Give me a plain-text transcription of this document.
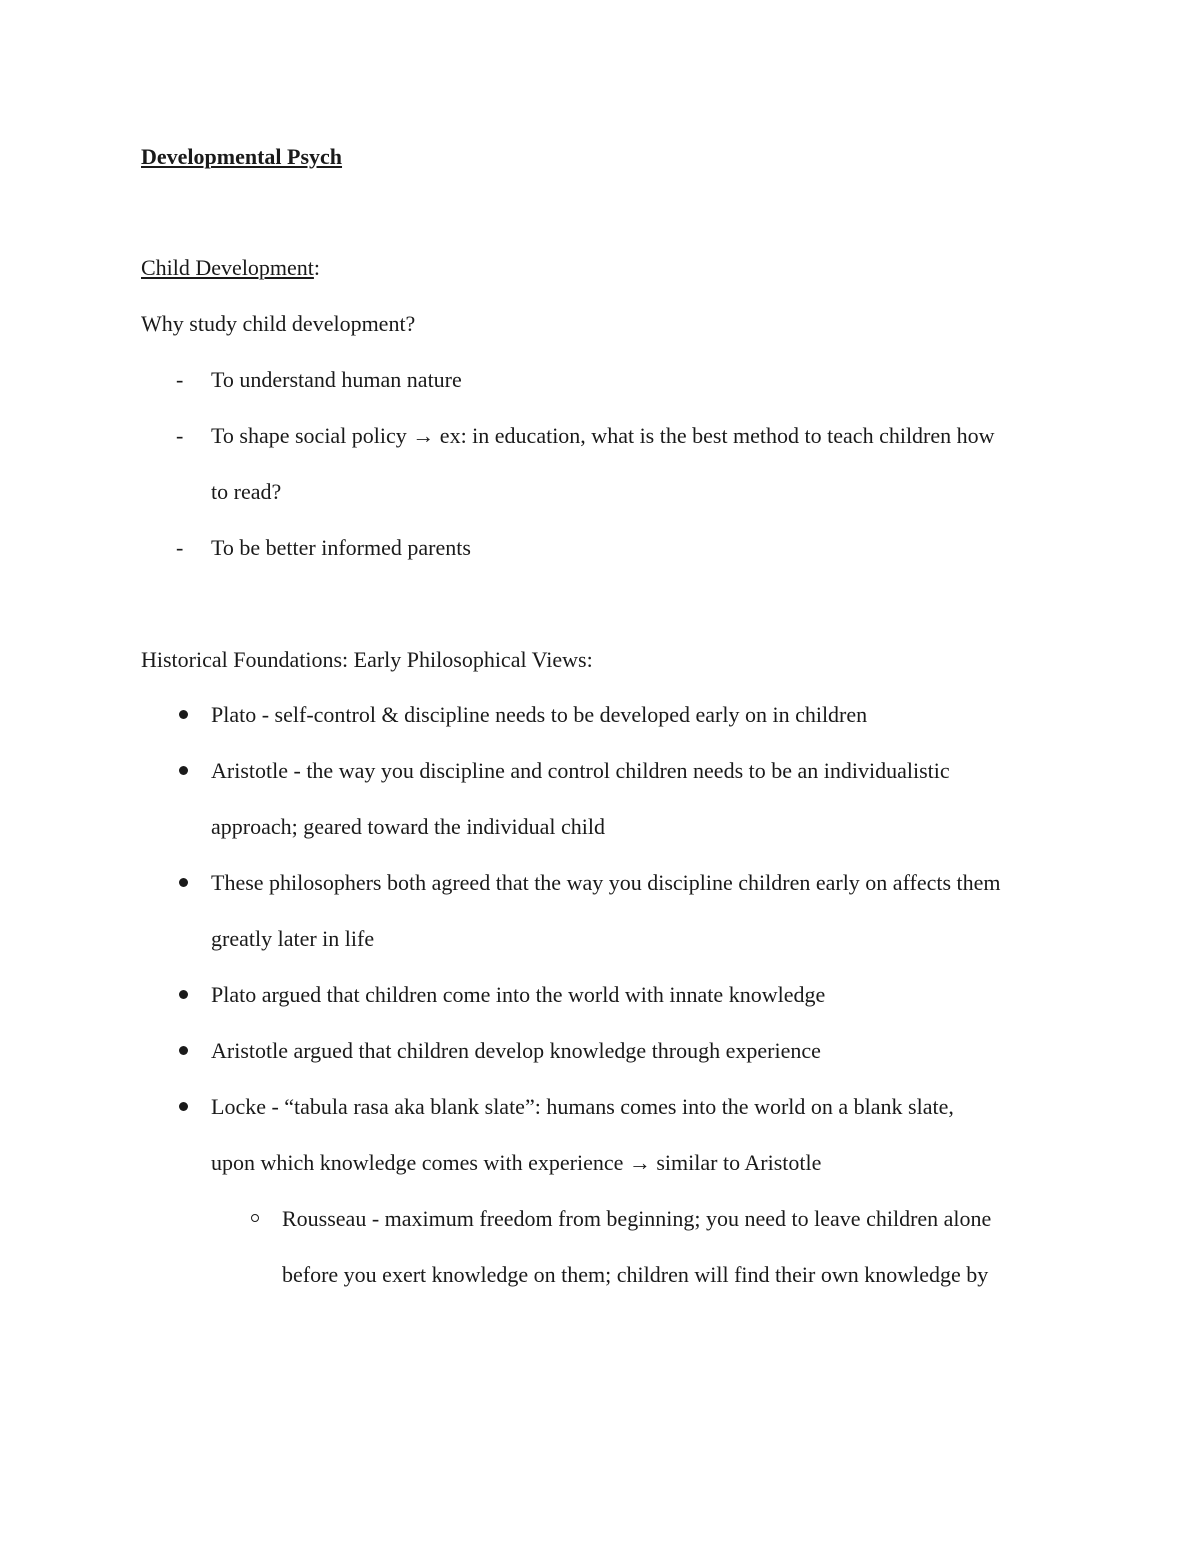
Developmental Psych
Child Development:
Why study child development?
- To understand human nature
- To shape social policy → ex: in education, what is the best method to teach children how
to read?
- To be better informed parents
Historical Foundations: Early Philosophical Views:
Plato - self-control & discipline needs to be developed early on in children
Aristotle - the way you discipline and control children needs to be an individualistic
approach; geared toward the individual child
These philosophers both agreed that the way you discipline children early on affects them
greatly later in life
Plato argued that children come into the world with innate knowledge
Aristotle argued that children develop knowledge through experience
Locke - “tabula rasa aka blank slate”: humans comes into the world on a blank slate,
upon which knowledge comes with experience → similar to Aristotle
Rousseau - maximum freedom from beginning; you need to leave children alone
before you exert knowledge on them; children will find their own knowledge by
